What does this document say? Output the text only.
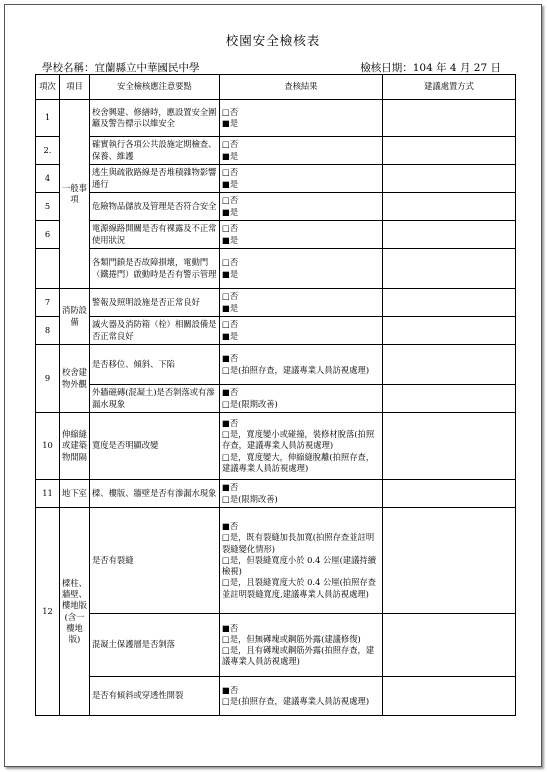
校園安全檢核表
學校名稱：宜蘭縣立中華國民中學	檢核日期：104 年 4 月 27 日
項次	項目	安全檢核應注意要點	查核結果	建議處置方式
1	一般事項	校舍興建、修繕時，應設置安全圍籬及警告標示以維安全	□否
■是	

2.		確實執行各項公共設施定期檢查、保養、維護	□否
■是	

4		逃生與疏散路線是否堆積雜物影響通行	□否
■是	

5		危險物品儲放及管理是否符合安全	□否
■是	

6		電源線路開關是否有裸露及不正常使用狀況	□否
■是	

		各類門鎖是否故障損壞，電動門（鐵捲門）啟動時是否有警示管理	□否
■是	

7	消防設備	警報及照明設施是否正常良好	□否
■是	

8		滅火器及消防箱（栓）相關設備是否正常良好	□否
■是	

9	校舍建物外觀	是否移位、傾斜、下陷	■否
□是(拍照存查，建議專業人員訪視處理)	

		外牆磁磚(混凝土)是否剝落或有滲漏水現象	■否
□是(限期改善)	

10	伸縮縫或建築物間隔	寬度是否明顯改變	■否
□是，寬度變小或碰撞，裝修材脫落(拍照存查，建議專業人員訪視處理)
□是，寬度變大，伸縮縫脫離(拍照存查，建議專業人員訪視處理)	

11	地下室	樑、樓版、牆壁是否有滲漏水現象	■否
□是(限期改善)	

12	樑柱、牆壁、樓地版(含一樓地版)	是否有裂縫	■否
□是，既有裂縫加長加寬(拍照存查並註明裂縫變化情形)
□是，但裂縫寬度小於 0.4 公厘(建議持續檢視)
□是，且裂縫寬度大於 0.4 公厘(拍照存查並註明裂縫寬度,建議專業人員訪視處理)	

		混凝土保護層是否剝落	■否
□是，但無礡塊或鋼筋外露(建議修復)
□是，且有礡塊或鋼筋外露(拍照存查，建議專業人員訪視處理)	

		是否有傾斜或穿透性開裂	■否
□是(拍照存查，建議專業人員訪視處理)	
